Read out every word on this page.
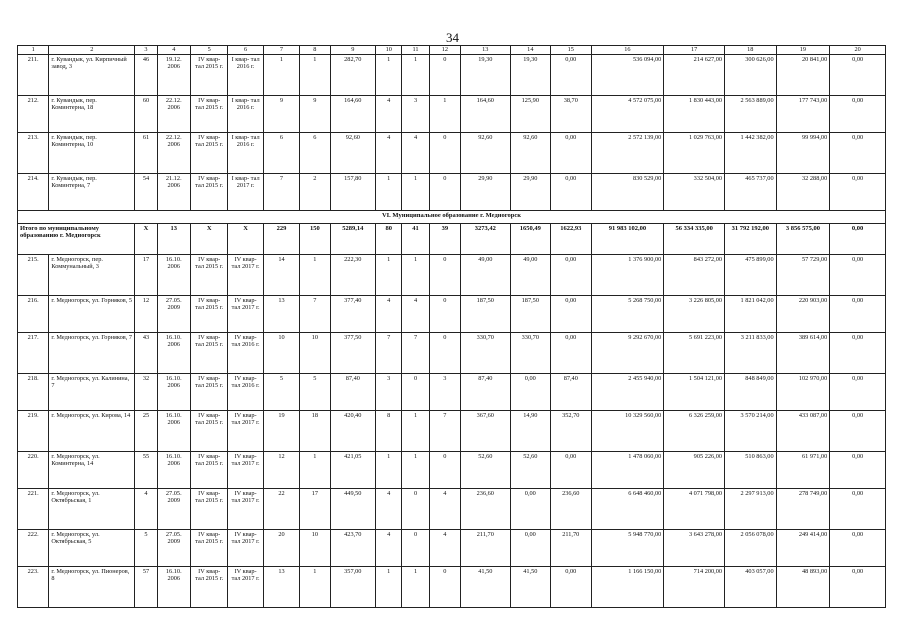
34
1	2	3	4	5	6	7	8	9	10	11	12	13	14	15	16	17	18	19	20
211.	г. Кувандык, ул. Кирпичный завод, 3	46	19.12. 2006	IV квар- тал 2015 г.	I квар- тал 2016 г.	1	1	282,70	1	1	0	19,30	19,30	0,00	536 094,00	214 627,00	300 626,00	20 841,00	0,00
212.	г. Кувандык, пер. Коминтерна, 18	60	22.12. 2006	IV квар- тал 2015 г.	I квар- тал 2016 г.	9	9	164,60	4	3	1	164,60	125,90	38,70	4 572 075,00	1 830 443,00	2 563 889,00	177 743,00	0,00
213.	г. Кувандык, пер. Коминтерна, 10	61	22.12. 2006	IV квар- тал 2015 г.	I квар- тал 2016 г.	6	6	92,60	4	4	0	92,60	92,60	0,00	2 572 139,00	1 029 763,00	1 442 382,00	99 994,00	0,00
214.	г. Кувандык, пер. Коминтерна, 7	54	21.12. 2006	IV квар- тал 2015 г.	I квар- тал 2017 г.	7	2	157,80	1	1	0	29,90	29,90	0,00	830 529,00	332 504,00	465 737,00	32 288,00	0,00
VI. Муниципальное образование г. Медногорск																			
Итого по муниципальному образованию г. Медногорск		X	13	X	X	229	150	5289,14	80	41	39	3273,42	1650,49	1622,93	91 983 102,00	56 334 335,00	31 792 192,00	3 856 575,00	0,00
215.	г. Медногорск, пер. Коммунальный, 3	17	16.10. 2006	IV квар- тал 2015 г.	IV квар- тал 2017 г.	14	1	222,30	1	1	0	49,00	49,00	0,00	1 376 900,00	843 272,00	475 899,00	57 729,00	0,00
216.	г. Медногорск, ул. Горняков, 5	12	27.05. 2009	IV квар- тал 2015 г.	IV квар- тал 2017 г.	13	7	377,40	4	4	0	187,50	187,50	0,00	5 268 750,00	3 226 805,00	1 821 042,00	220 903,00	0,00
217.	г. Медногорск, ул. Горняков, 7	43	16.10. 2006	IV квар- тал 2015 г.	IV квар- тал 2016 г.	10	10	377,50	7	7	0	330,70	330,70	0,00	9 292 670,00	5 691 223,00	3 211 833,00	389 614,00	0,00
218.	г. Медногорск, ул. Калинина, 7	32	16.10. 2006	IV квар- тал 2015 г.	IV квар- тал 2016 г.	5	5	87,40	3	0	3	87,40	0,00	87,40	2 455 940,00	1 504 121,00	848 849,00	102 970,00	0,00
219.	г. Медногорск, ул. Кирова, 14	25	16.10. 2006	IV квар- тал 2015 г.	IV квар- тал 2017 г.	19	18	420,40	8	1	7	367,60	14,90	352,70	10 329 560,00	6 326 259,00	3 570 214,00	433 087,00	0,00
220.	г. Медногорск, ул. Коминтерна, 14	55	16.10. 2006	IV квар- тал 2015 г.	IV квар- тал 2017 г.	12	1	421,05	1	1	0	52,60	52,60	0,00	1 478 060,00	905 226,00	510 863,00	61 971,00	0,00
221.	г. Медногорск, ул. Октябрьская, 1	4	27.05. 2009	IV квар- тал 2015 г.	IV квар- тал 2017 г.	22	17	449,50	4	0	4	236,60	0,00	236,60	6 648 460,00	4 071 798,00	2 297 913,00	278 749,00	0,00
222.	г. Медногорск, ул. Октябрьская, 5	5	27.05. 2009	IV квар- тал 2015 г.	IV квар- тал 2017 г.	20	10	423,70	4	0	4	211,70	0,00	211,70	5 948 770,00	3 643 278,00	2 056 078,00	249 414,00	0,00
223.	г. Медногорск, ул. Пионеров, 8	57	16.10. 2006	IV квар- тал 2015 г.	IV квар- тал 2017 г.	13	1	357,00	1	1	0	41,50	41,50	0,00	1 166 150,00	714 200,00	403 057,00	48 893,00	0,00
